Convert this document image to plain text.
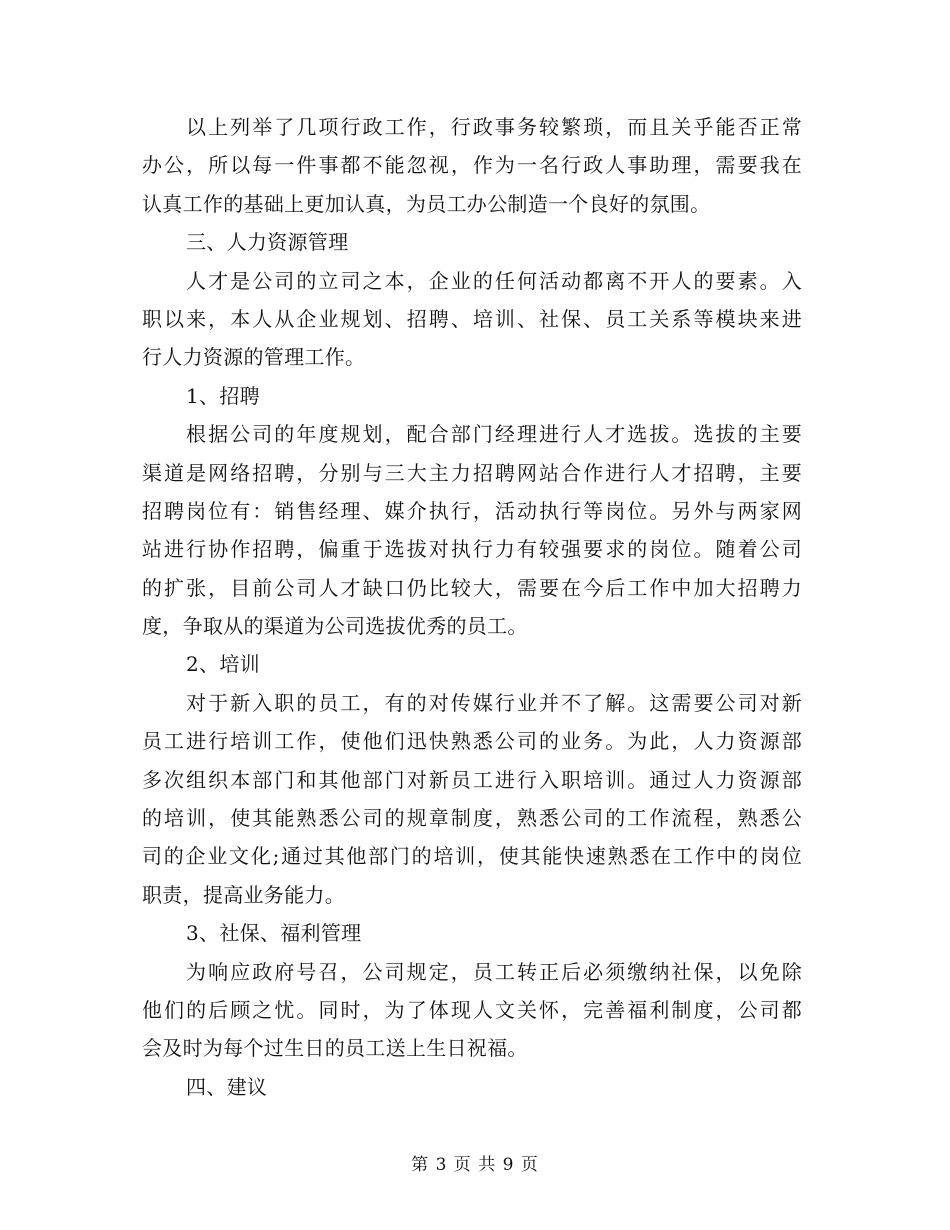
以上列举了几项行政工作，行政事务较繁琐，而且关乎能否正常
办公，所以每一件事都不能忽视，作为一名行政人事助理，需要我在
认真工作的基础上更加认真，为员工办公制造一个良好的氛围。
三、人力资源管理
人才是公司的立司之本，企业的任何活动都离不开人的要素。入
职以来，本人从企业规划、招聘、培训、社保、员工关系等模块来进
行人力资源的管理工作。
1、招聘
根据公司的年度规划，配合部门经理进行人才选拔。选拔的主要
渠道是网络招聘，分别与三大主力招聘网站合作进行人才招聘，主要
招聘岗位有：销售经理、媒介执行，活动执行等岗位。另外与两家网
站进行协作招聘，偏重于选拔对执行力有较强要求的岗位。随着公司
的扩张，目前公司人才缺口仍比较大，需要在今后工作中加大招聘力
度，争取从的渠道为公司选拔优秀的员工。
2、培训
对于新入职的员工，有的对传媒行业并不了解。这需要公司对新
员工进行培训工作，使他们迅快熟悉公司的业务。为此，人力资源部
多次组织本部门和其他部门对新员工进行入职培训。通过人力资源部
的培训，使其能熟悉公司的规章制度，熟悉公司的工作流程，熟悉公
司的企业文化;通过其他部门的培训，使其能快速熟悉在工作中的岗位
职责，提高业务能力。
3、社保、福利管理
为响应政府号召，公司规定，员工转正后必须缴纳社保，以免除
他们的后顾之忧。同时，为了体现人文关怀，完善福利制度，公司都
会及时为每个过生日的员工送上生日祝福。
四、建议
第 3 页 共 9 页
